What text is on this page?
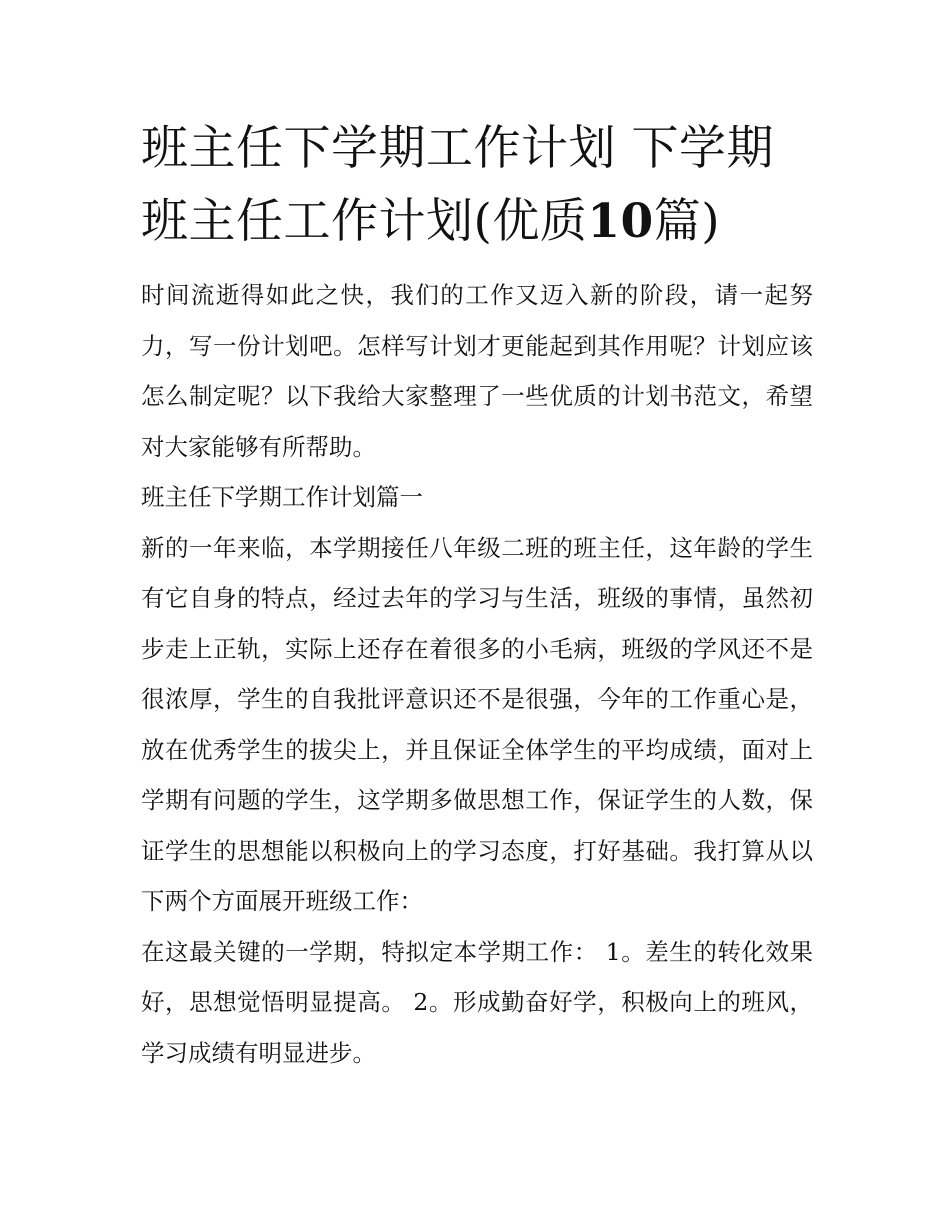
班主任下学期工作计划 下学期班主任工作计划(优质10篇)

时间流逝得如此之快，我们的工作又迈入新的阶段，请一起努力，写一份计划吧。怎样写计划才更能起到其作用呢？计划应该怎么制定呢？以下我给大家整理了一些优质的计划书范文，希望对大家能够有所帮助。

班主任下学期工作计划篇一

新的一年来临，本学期接任八年级二班的班主任，这年龄的学生有它自身的特点，经过去年的学习与生活，班级的事情，虽然初步走上正轨，实际上还存在着很多的小毛病，班级的学风还不是很浓厚，学生的自我批评意识还不是很强，今年的工作重心是，放在优秀学生的拔尖上，并且保证全体学生的平均成绩，面对上学期有问题的学生，这学期多做思想工作，保证学生的人数，保证学生的思想能以积极向上的学习态度，打好基础。我打算从以下两个方面展开班级工作：

在这最关键的一学期，特拟定本学期工作： 1。差生的转化效果好，思想觉悟明显提高。 2。形成勤奋好学，积极向上的班风，学习成绩有明显进步。
